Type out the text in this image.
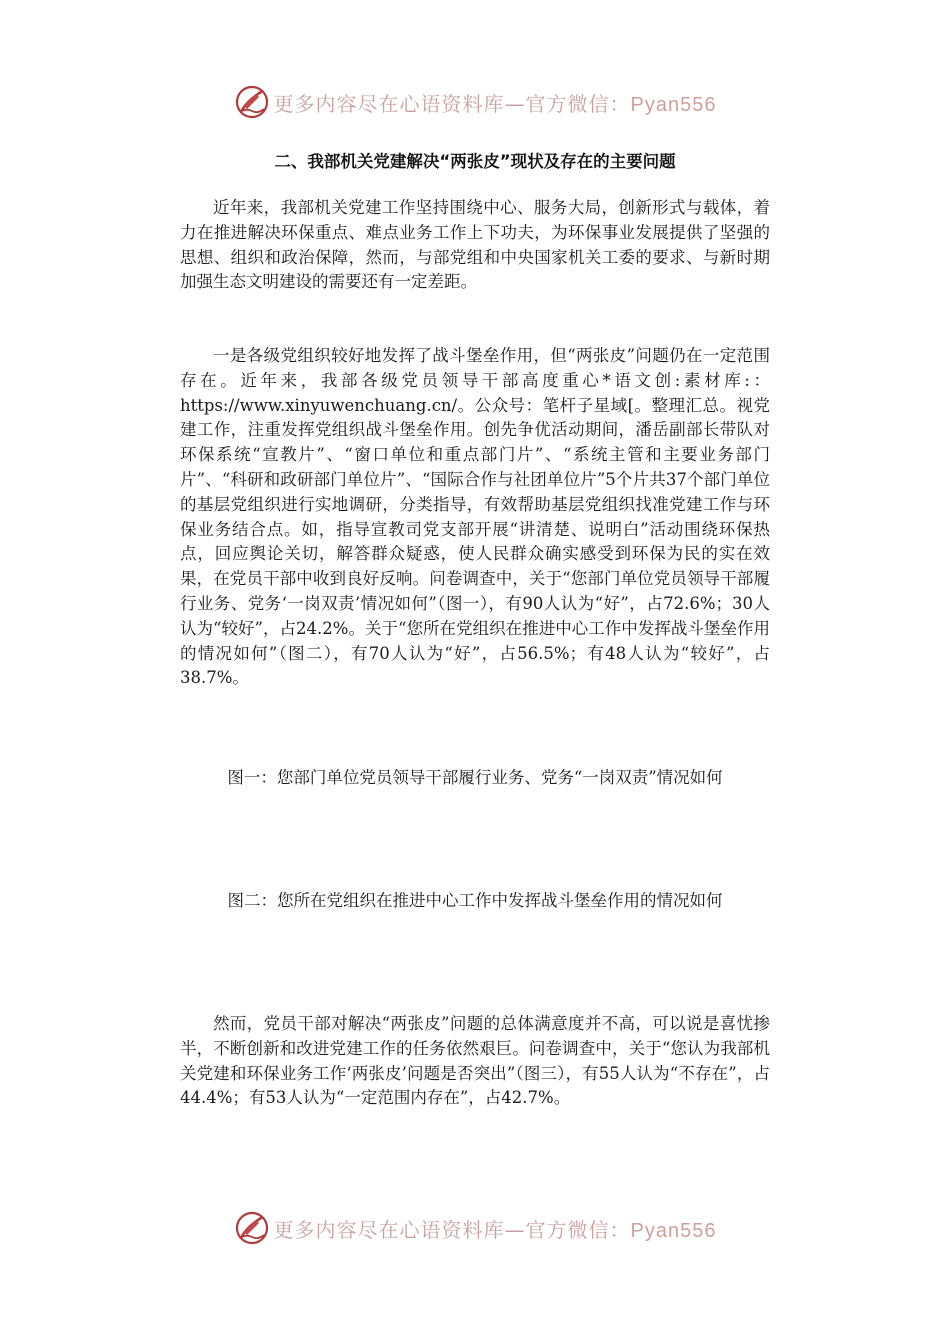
更多内容尽在心语资料库—官方微信：Pyan556
二、我部机关党建解决“两张皮”现状及存在的主要问题

近年来，我部机关党建工作坚持围绕中心、服务大局，创新形式与载体，着力在推进解决环保重点、难点业务工作上下功夫，为环保事业发展提供了坚强的思想、组织和政治保障，然而，与部党组和中央国家机关工委的要求、与新时期加强生态文明建设的需要还有一定差距。

一是各级党组织较好地发挥了战斗堡垒作用，但“两张皮”问题仍在一定范围存在。近年来，我部各级党员领导干部高度重心*语文创:素材库:：https://www.xinyuwenchuang.cn/。公众号：笔杆子星域[。整理汇总。视党建工作，注重发挥党组织战斗堡垒作用。创先争优活动期间，潘岳副部长带队对环保系统“宣教片”、“窗口单位和重点部门片”、“系统主管和主要业务部门片”、“科研和政研部门单位片”、“国际合作与社团单位片”5个片共37个部门单位的基层党组织进行实地调研，分类指导，有效帮助基层党组织找准党建工作与环保业务结合点。如，指导宣教司党支部开展“讲清楚、说明白”活动围绕环保热点，回应舆论关切，解答群众疑惑，使人民群众确实感受到环保为民的实在效果，在党员干部中收到良好反响。问卷调查中，关于“您部门单位党员领导干部履行业务、党务‘一岗双责’情况如何”（图一），有90人认为“好”，占72.6%；30人认为“较好”，占24.2%。关于“您所在党组织在推进中心工作中发挥战斗堡垒作用的情况如何”（图二），有70人认为“好”，占56.5%；有48人认为“较好”，占38.7%。

图一：您部门单位党员领导干部履行业务、党务“一岗双责”情况如何

图二：您所在党组织在推进中心工作中发挥战斗堡垒作用的情况如何

然而，党员干部对解决“两张皮”问题的总体满意度并不高，可以说是喜忧掺半，不断创新和改进党建工作的任务依然艰巨。问卷调查中，关于“您认为我部机关党建和环保业务工作‘两张皮’问题是否突出”（图三），有55人认为“不存在”，占44.4%；有53人认为“一定范围内存在”，占42.7%。

更多内容尽在心语资料库—官方微信：Pyan556
